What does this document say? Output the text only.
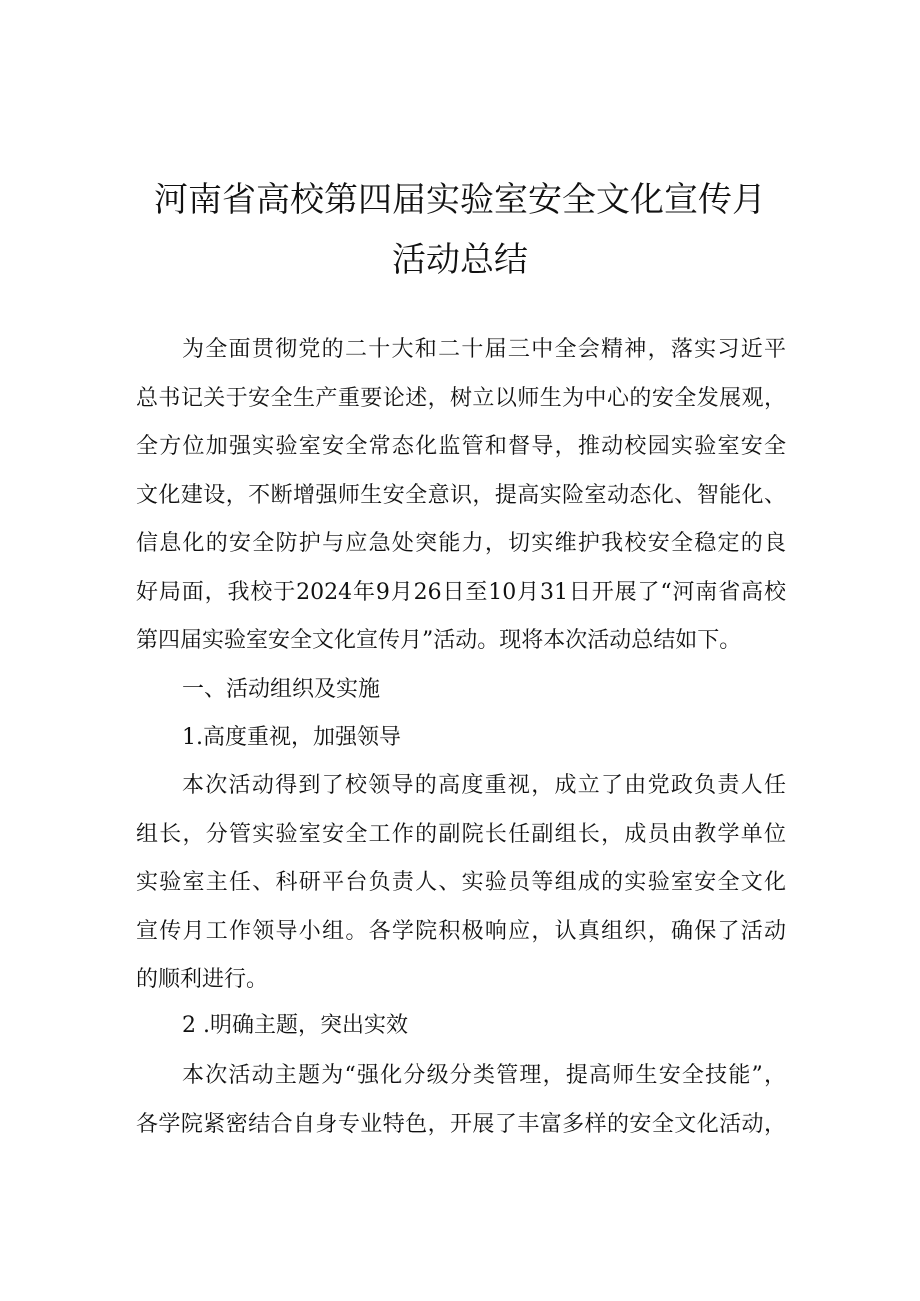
河南省高校第四届实验室安全文化宣传月
活动总结
为全面贯彻党的二十大和二十届三中全会精神，落实习近平
总书记关于安全生产重要论述，树立以师生为中心的安全发展观，
全方位加强实验室安全常态化监管和督导，推动校园实验室安全
文化建设，不断增强师生安全意识，提高实险室动态化、智能化、
信息化的安全防护与应急处突能力，切实维护我校安全稳定的良
好局面，我校于2024年9月26日至10月31日开展了“河南省高校
第四届实验室安全文化宣传月”活动。现将本次活动总结如下。
一、活动组织及实施
1.高度重视，加强领导
本次活动得到了校领导的高度重视，成立了由党政负责人任
组长，分管实验室安全工作的副院长任副组长，成员由教学单位
实验室主任、科研平台负责人、实验员等组成的实验室安全文化
宣传月工作领导小组。各学院积极响应，认真组织，确保了活动
的顺利进行。
2 .明确主题，突出实效
本次活动主题为“强化分级分类管理，提高师生安全技能”，
各学院紧密结合自身专业特色，开展了丰富多样的安全文化活动，
